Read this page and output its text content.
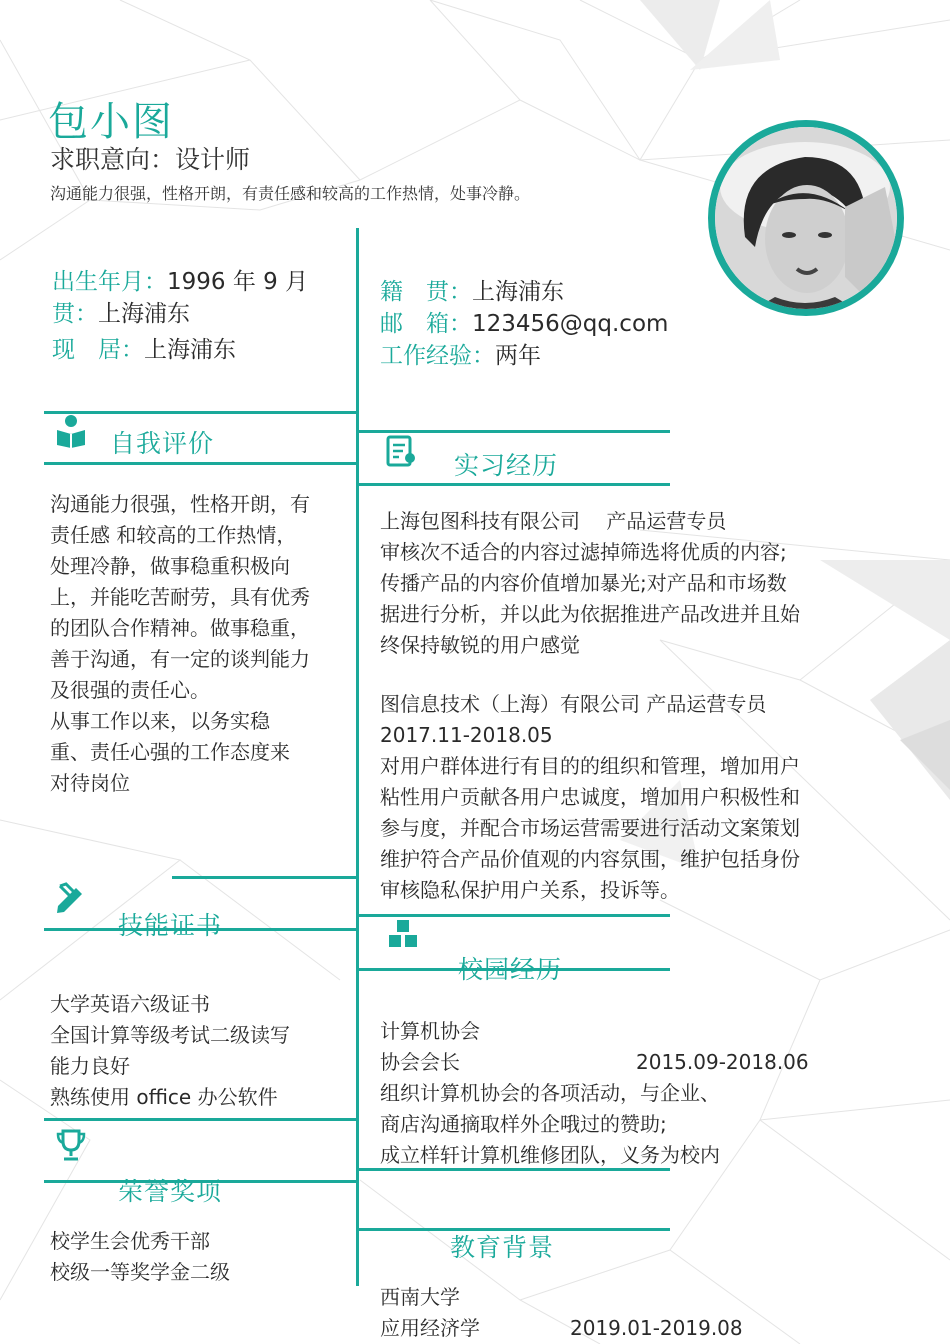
包小图
求职意向：设计师
沟通能力很强，性格开朗，有责任感和较高的工作热情，处事冷静。
出生年月：1996 年 9 月
贯：上海浦东
现　居：上海浦东
籍　贯：上海浦东
邮　箱：123456@qq.com
工作经验：两年
自我评价
沟通能力很强，性格开朗，有
责任感 和较高的工作热情，
处理冷静，做事稳重积极向
上，并能吃苦耐劳，具有优秀
的团队合作精神。做事稳重，
善于沟通，有一定的谈判能力
及很强的责任心。
从事工作以来，以务实稳
重、责任心强的工作态度来
对待岗位
实习经历
上海包图科技有限公司　 产品运营专员
审核次不适合的内容过滤掉筛选将优质的内容;
传播产品的内容价值增加暴光;对产品和市场数
据进行分析，并以此为依据推进产品改进并且始
终保持敏锐的用户感觉
图信息技术（上海）有限公司 产品运营专员
2017.11-2018.05
对用户群体进行有目的的组织和管理，增加用户
粘性用户贡献各用户忠诚度，增加用户积极性和
参与度，并配合市场运营需要进行活动文案策划
维护符合产品价值观的内容氛围，维护包括身份
审核隐私保护用户关系，投诉等。
技能证书
大学英语六级证书
全国计算等级考试二级读写
能力良好
熟练使用 office 办公软件
校园经历
计算机协会
协会会长	2015.09-2018.06
组织计算机协会的各项活动，与企业、
商店沟通摘取样外企哦过的赞助;
成立样轩计算机维修团队，义务为校内
荣誉奖项
校学生会优秀干部
校级一等奖学金二级
教育背景
西南大学
应用经济学	2019.01-2019.08
